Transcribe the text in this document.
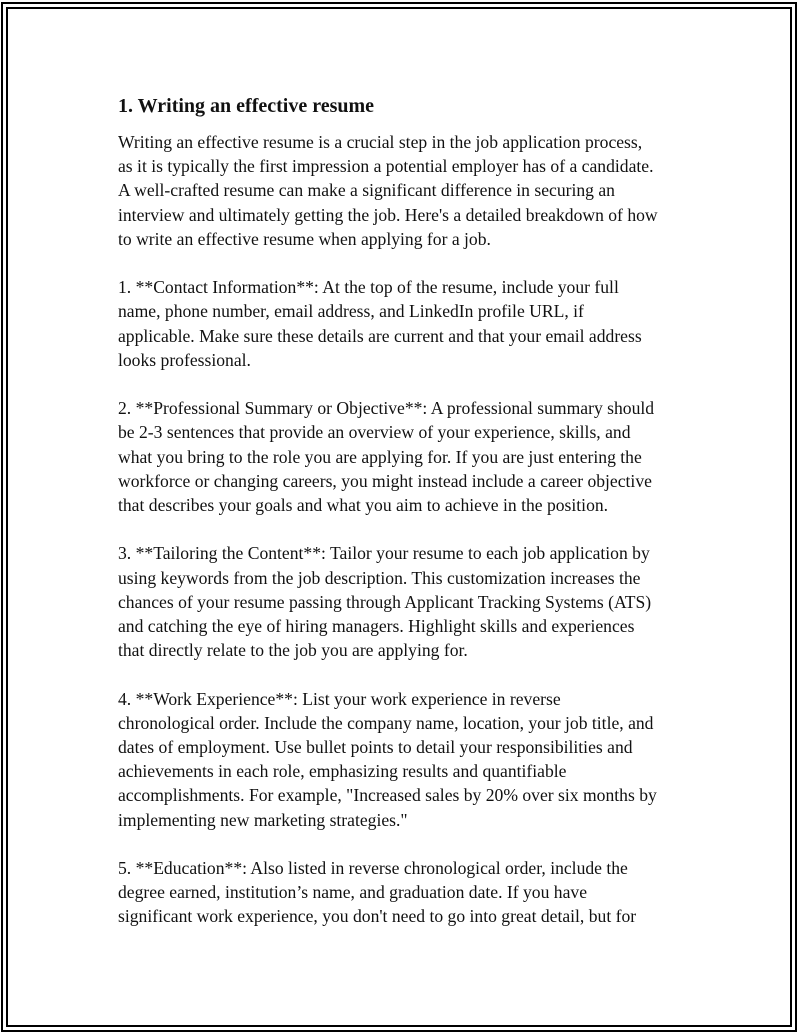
1. Writing an effective resume
Writing an effective resume is a crucial step in the job application process,
as it is typically the first impression a potential employer has of a candidate.
A well-crafted resume can make a significant difference in securing an
interview and ultimately getting the job. Here's a detailed breakdown of how
to write an effective resume when applying for a job.
1. **Contact Information**: At the top of the resume, include your full
name, phone number, email address, and LinkedIn profile URL, if
applicable. Make sure these details are current and that your email address
looks professional.
2. **Professional Summary or Objective**: A professional summary should
be 2-3 sentences that provide an overview of your experience, skills, and
what you bring to the role you are applying for. If you are just entering the
workforce or changing careers, you might instead include a career objective
that describes your goals and what you aim to achieve in the position.
3. **Tailoring the Content**: Tailor your resume to each job application by
using keywords from the job description. This customization increases the
chances of your resume passing through Applicant Tracking Systems (ATS)
and catching the eye of hiring managers. Highlight skills and experiences
that directly relate to the job you are applying for.
4. **Work Experience**: List your work experience in reverse
chronological order. Include the company name, location, your job title, and
dates of employment. Use bullet points to detail your responsibilities and
achievements in each role, emphasizing results and quantifiable
accomplishments. For example, "Increased sales by 20% over six months by
implementing new marketing strategies."
5. **Education**: Also listed in reverse chronological order, include the
degree earned, institution’s name, and graduation date. If you have
significant work experience, you don't need to go into great detail, but for
